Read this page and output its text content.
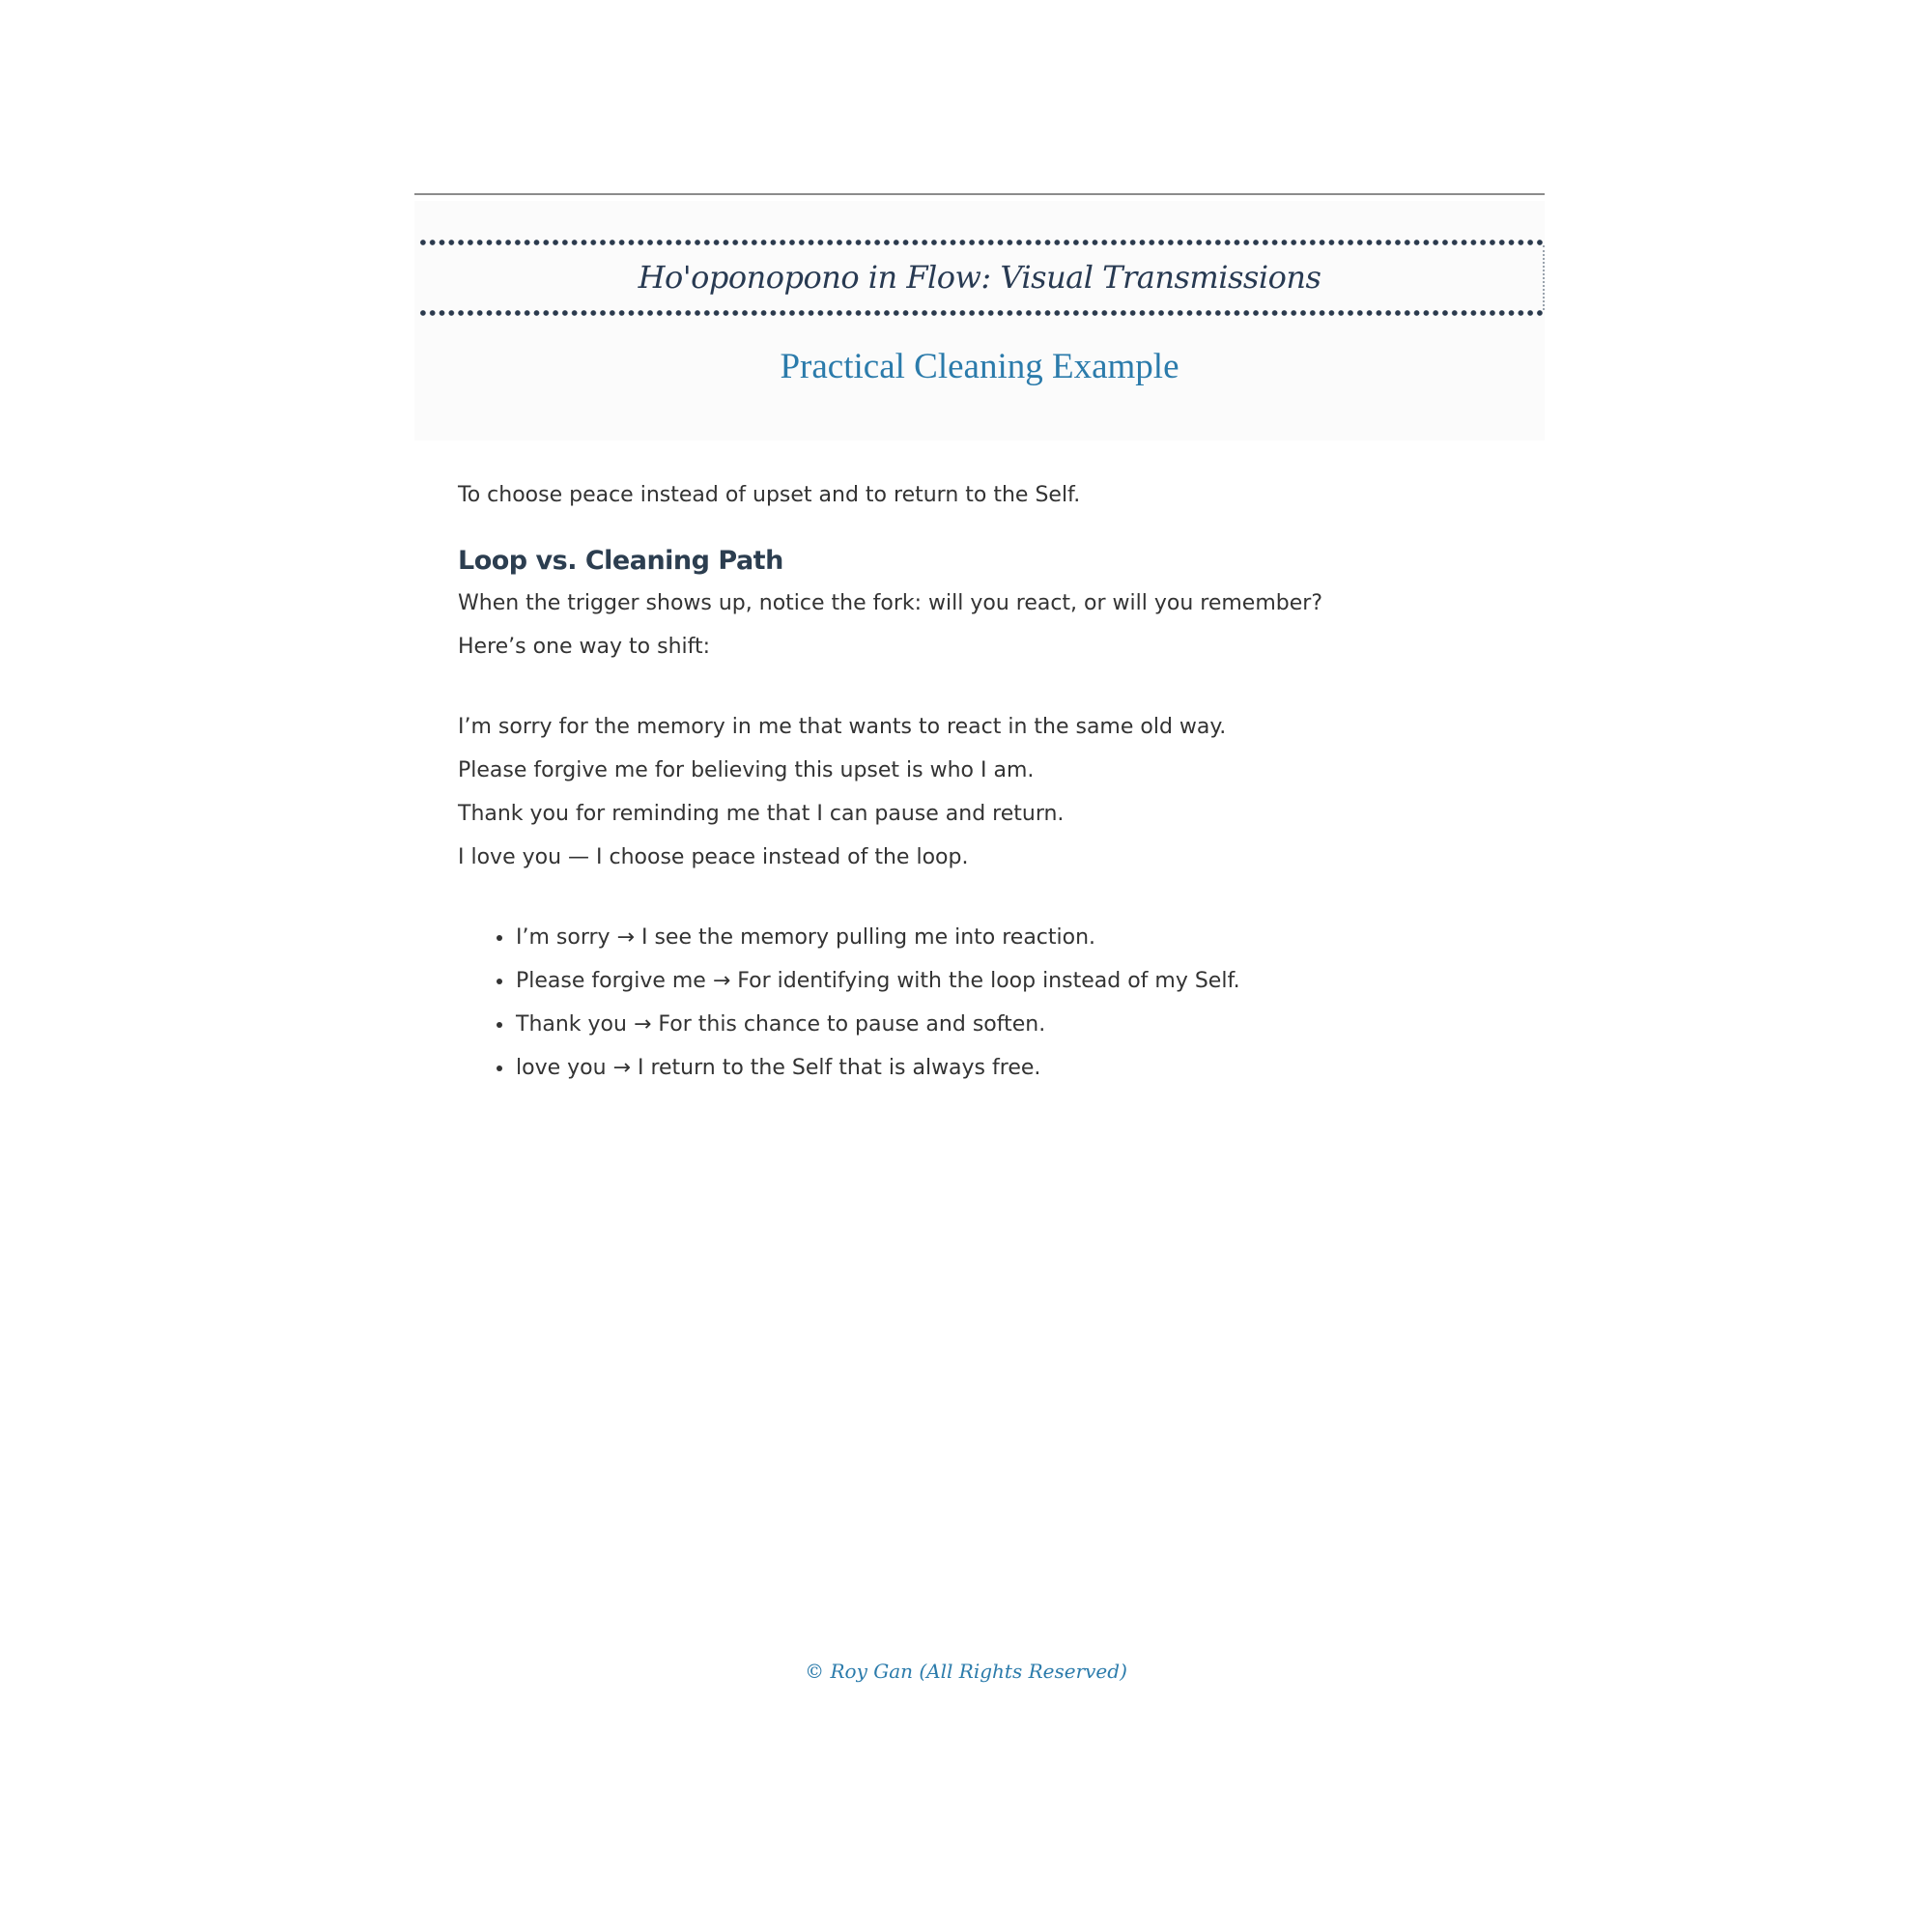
Ho'oponopono in Flow: Visual Transmissions
Practical Cleaning Example

To choose peace instead of upset and to return to the Self.

Loop vs. Cleaning Path

When the trigger shows up, notice the fork: will you react, or will you remember?

Here’s one way to shift:

I’m sorry for the memory in me that wants to react in the same old way.

Please forgive me for believing this upset is who I am.

Thank you for reminding me that I can pause and return.

I love you — I choose peace instead of the loop.

I’m sorry → I see the memory pulling me into reaction.
Please forgive me → For identifying with the loop instead of my Self.
Thank you → For this chance to pause and soften.
love you → I return to the Self that is always free.
© Roy Gan (All Rights Reserved)
